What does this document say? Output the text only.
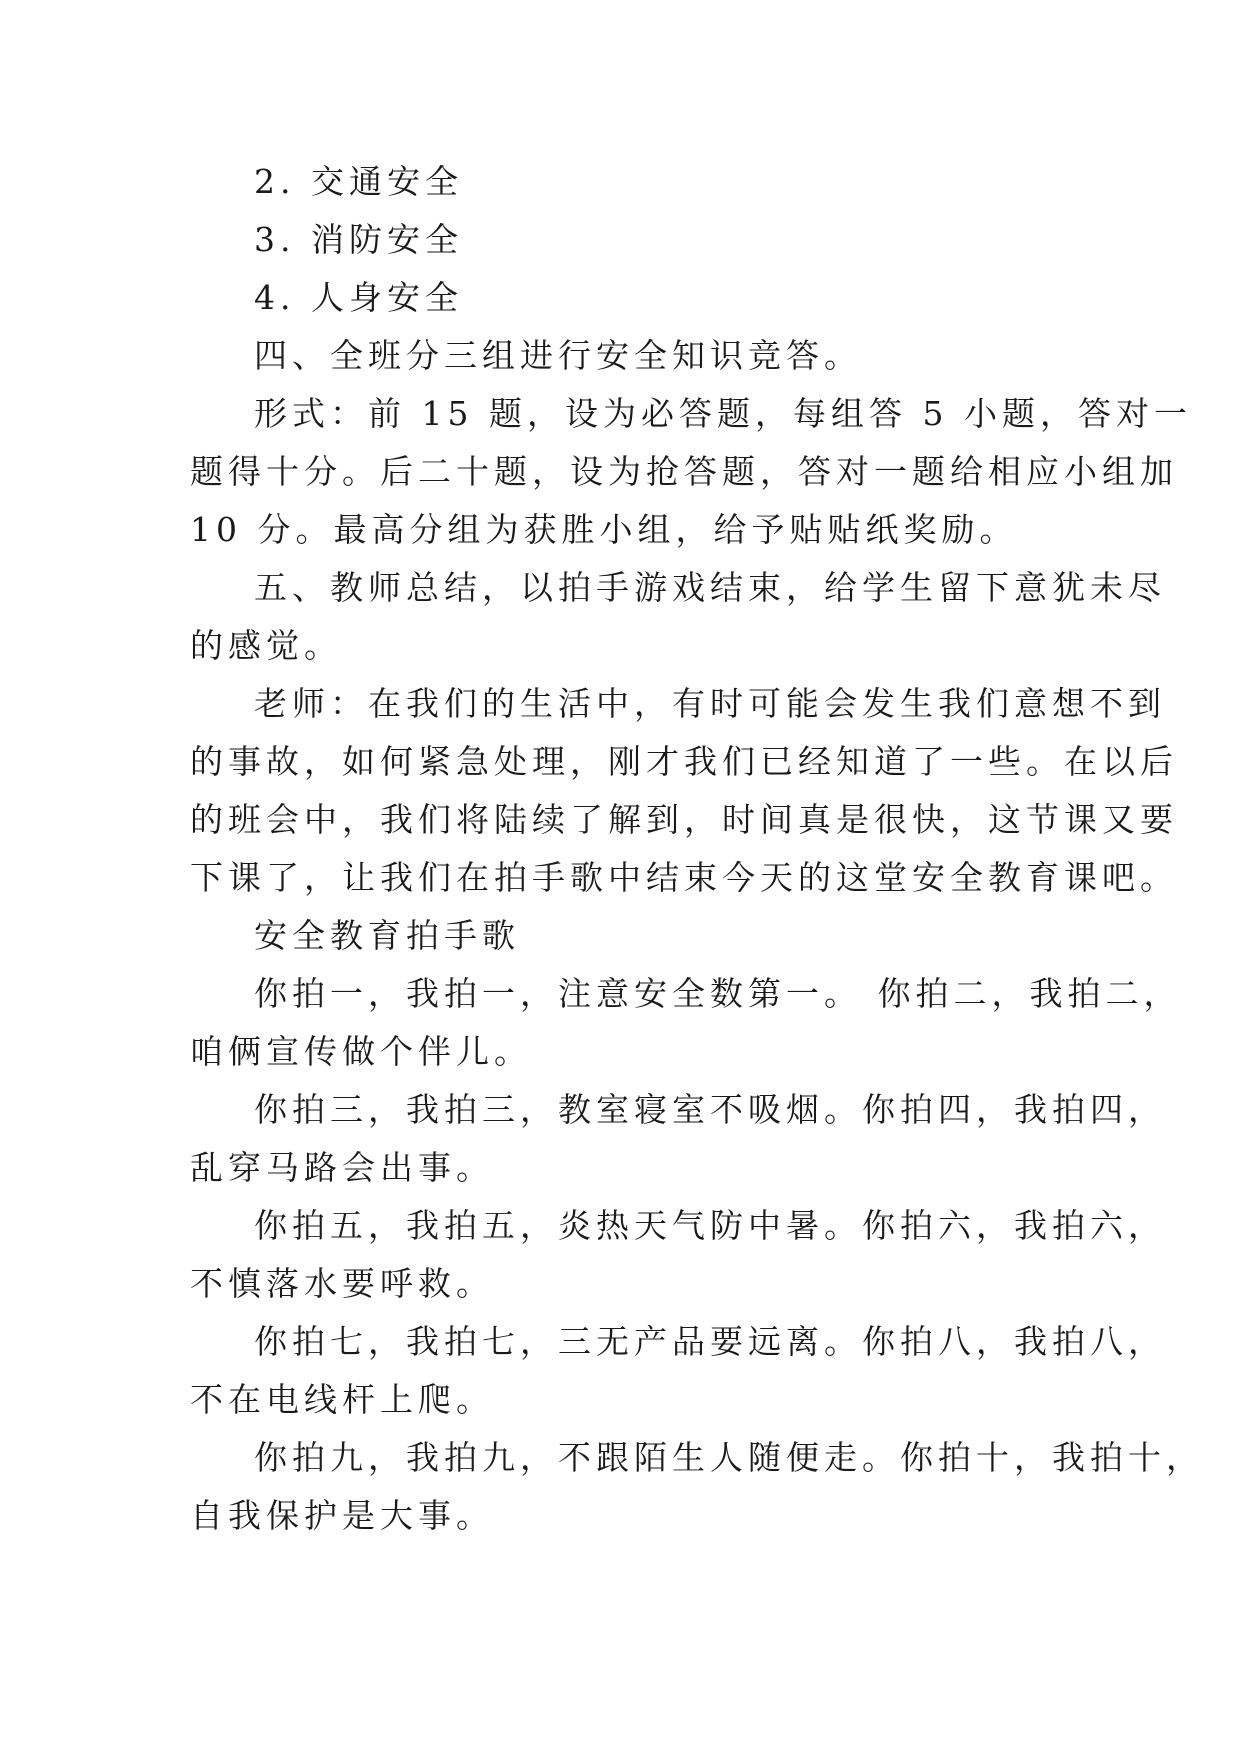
2. 交通安全
3. 消防安全
4. 人身安全
四、全班分三组进行安全知识竞答。
形式：前 15 题，设为必答题，每组答 5 小题，答对一
题得十分。后二十题，设为抢答题，答对一题给相应小组加
10 分。最高分组为获胜小组，给予贴贴纸奖励。
五、教师总结，以拍手游戏结束，给学生留下意犹未尽
的感觉。
老师：在我们的生活中，有时可能会发生我们意想不到
的事故，如何紧急处理，刚才我们已经知道了一些。在以后
的班会中，我们将陆续了解到，时间真是很快，这节课又要
下课了，让我们在拍手歌中结束今天的这堂安全教育课吧。
安全教育拍手歌
你拍一，我拍一，注意安全数第一。 你拍二，我拍二，
咱俩宣传做个伴儿。
你拍三，我拍三，教室寝室不吸烟。你拍四，我拍四，
乱穿马路会出事。
你拍五，我拍五，炎热天气防中暑。你拍六，我拍六，
不慎落水要呼救。
你拍七，我拍七，三无产品要远离。你拍八，我拍八，
不在电线杆上爬。
你拍九，我拍九，不跟陌生人随便走。你拍十，我拍十，
自我保护是大事。
